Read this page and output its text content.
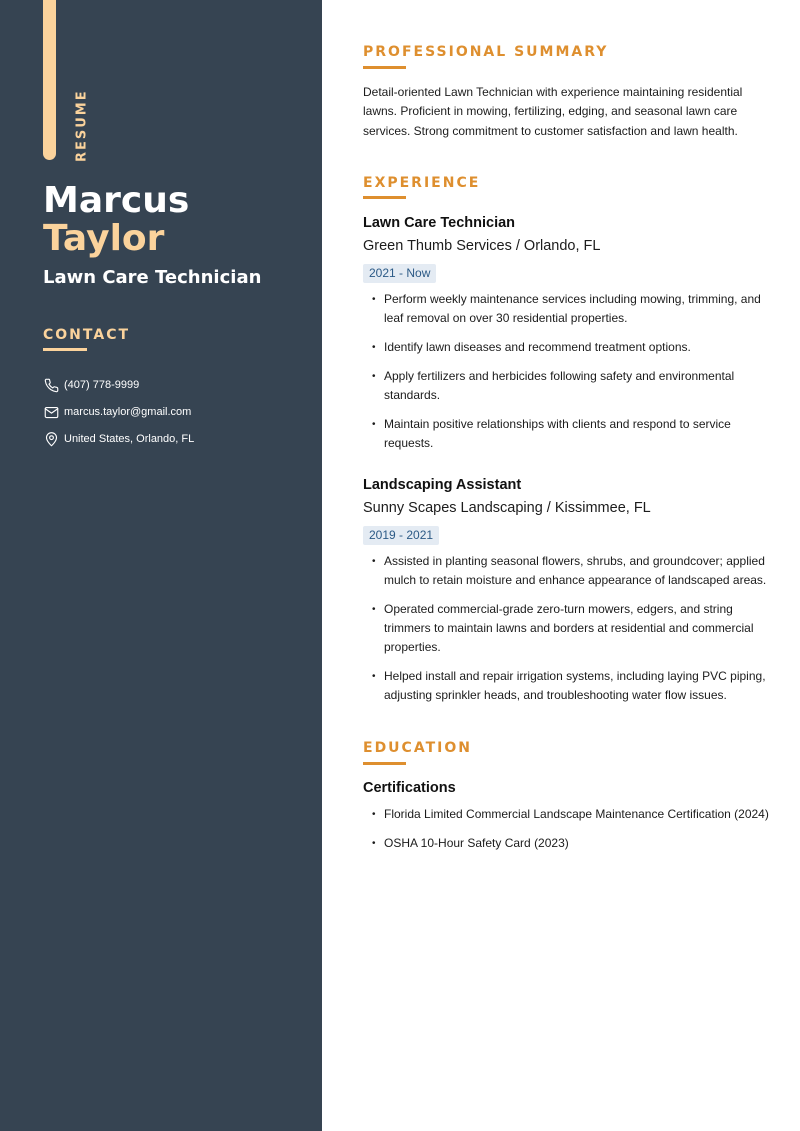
RESUME
Marcus
Taylor
Lawn Care Technician
CONTACT
(407) 778-9999
marcus.taylor@gmail.com
United States, Orlando, FL
PROFESSIONAL SUMMARY

Detail-oriented Lawn Technician with experience maintaining residential lawns. Proficient in mowing, fertilizing, edging, and seasonal lawn care services. Strong commitment to customer satisfaction and lawn health.

EXPERIENCE
Lawn Care Technician
Green Thumb Services / Orlando, FL
2021 - Now
• Perform weekly maintenance services including mowing, trimming, and leaf removal on over 30 residential properties.
• Identify lawn diseases and recommend treatment options.
• Apply fertilizers and herbicides following safety and environmental standards.
• Maintain positive relationships with clients and respond to service requests.
Landscaping Assistant
Sunny Scapes Landscaping / Kissimmee, FL
2019 - 2021
• Assisted in planting seasonal flowers, shrubs, and groundcover; applied mulch to retain moisture and enhance appearance of landscaped areas.
• Operated commercial-grade zero-turn mowers, edgers, and string trimmers to maintain lawns and borders at residential and commercial properties.
• Helped install and repair irrigation systems, including laying PVC piping, adjusting sprinkler heads, and troubleshooting water flow issues.
EDUCATION
Certifications
• Florida Limited Commercial Landscape Maintenance Certification (2024)
• OSHA 10-Hour Safety Card (2023)
